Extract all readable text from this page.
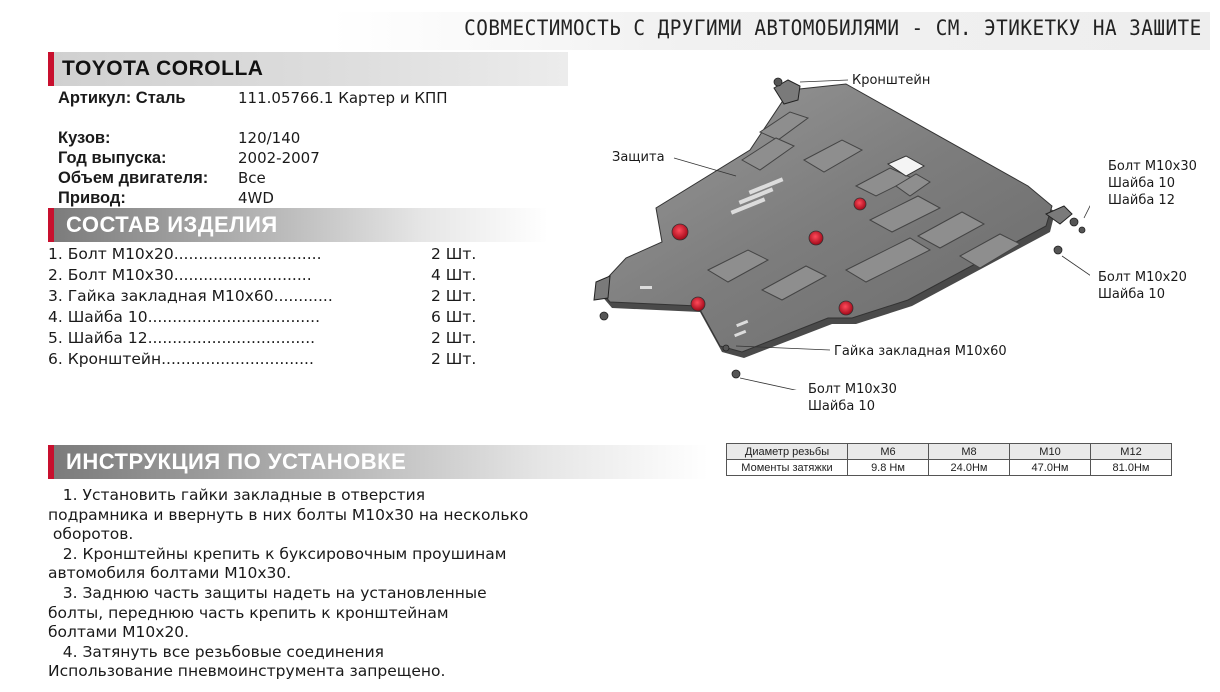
СОВМЕСТИМОСТЬ С ДРУГИМИ АВТОМОБИЛЯМИ - СМ. ЭТИКЕТКУ НА ЗАШИТЕ
TOYOTA COROLLA
Артикул: Сталь	111.05766.1 Картер и КПП
Кузов:	120/140
Год выпуска:	2002-2007
Объем двигателя: Все
Привод:	4WD
СОСТАВ ИЗДЕЛИЯ
1. Болт М10х20..............................	2 Шт.
2. Болт М10х30............................	4 Шт.
3. Гайка закладная М10х60............	2 Шт.
4. Шайба 10...................................	6 Шт.
5. Шайба 12..................................	2 Шт.
6. Кронштейн...............................	2 Шт.
ИНСТРУКЦИЯ ПО УСТАНОВКЕ
1. Установить гайки закладные в отверстия
подрамника и ввернуть в них болты М10х30 на несколько
оборотов.
2. Кронштейны крепить к буксировочным проушинам
автомобиля болтами М10х30.
3. Заднюю часть защиты надеть на установленные
болты, переднюю часть крепить к кронштейнам
болтами М10х20.
4. Затянуть все резьбовые соединения
Использование пневмоинструмента запрещено.
Кронштейн
Защита
Болт М10х30
Шайба 10
Шайба 12
Болт М10х20
Шайба 10
Гайка закладная М10х60
Болт М10х30
Шайба 10
Диаметр резьбы	М6	М8	М10	М12
Моменты затяжки	9.8 Нм	24.0Нм	47.0Нм	81.0Нм
